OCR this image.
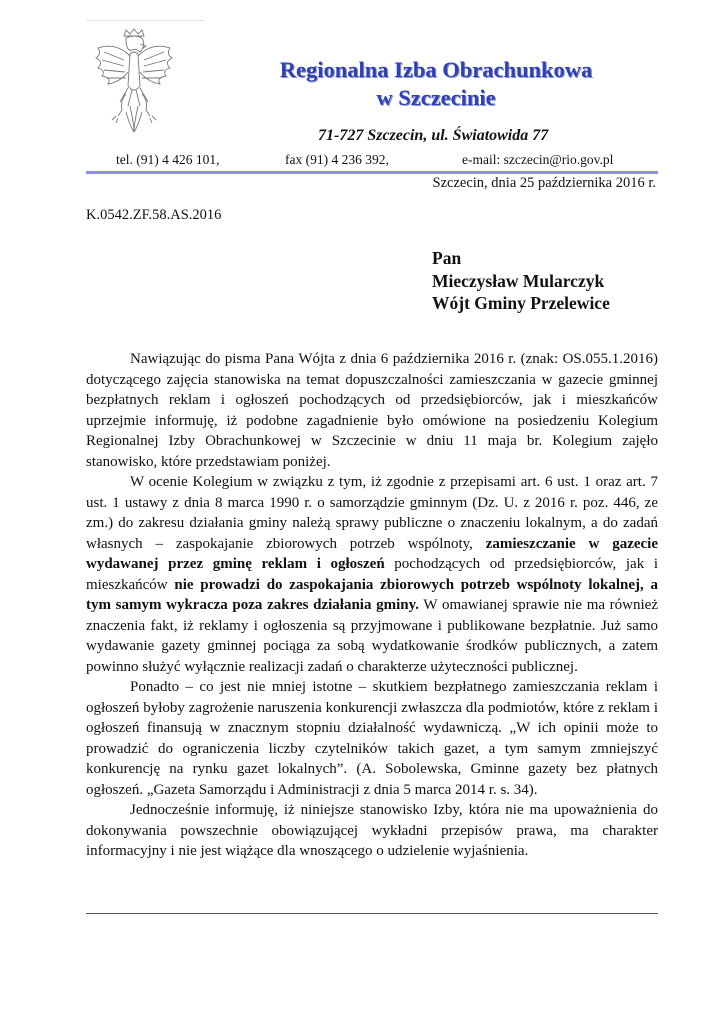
Regionalna Izba Obrachunkowa
w Szczecinie
71-727 Szczecin, ul. Światowida 77
tel. (91) 4 426 101,	fax (91) 4 236 392,	e-mail: szczecin@rio.gov.pl
Szczecin, dnia 25 października 2016 r.
K.0542.ZF.58.AS.2016
Pan
Mieczysław Mularczyk
Wójt Gminy Przelewice

Nawiązując do pisma Pana Wójta z dnia 6 października 2016 r. (znak: OS.055.1.2016) dotyczącego zajęcia stanowiska na temat dopuszczalności zamieszczania w gazecie gminnej bezpłatnych reklam i ogłoszeń pochodzących od przedsiębiorców, jak i mieszkańców uprzejmie informuję, iż podobne zagadnienie było omówione na posiedzeniu Kolegium Regionalnej Izby Obrachunkowej w Szczecinie w dniu 11 maja br. Kolegium zajęło stanowisko, które przedstawiam poniżej.

W ocenie Kolegium w związku z tym, iż zgodnie z przepisami art. 6 ust. 1 oraz art. 7 ust. 1 ustawy z dnia 8 marca 1990 r. o samorządzie gminnym (Dz. U. z 2016 r. poz. 446, ze zm.) do zakresu działania gminy należą sprawy publiczne o znaczeniu lokalnym, a do zadań własnych – zaspokajanie zbiorowych potrzeb wspólnoty, zamieszczanie w gazecie wydawanej przez gminę reklam i ogłoszeń pochodzących od przedsiębiorców, jak i mieszkańców nie prowadzi do zaspokajania zbiorowych potrzeb wspólnoty lokalnej, a tym samym wykracza poza zakres działania gminy. W omawianej sprawie nie ma również znaczenia fakt, iż reklamy i ogłoszenia są przyjmowane i publikowane bezpłatnie. Już samo wydawanie gazety gminnej pociąga za sobą wydatkowanie środków publicznych, a zatem powinno służyć wyłącznie realizacji zadań o charakterze użyteczności publicznej.

Ponadto – co jest nie mniej istotne – skutkiem bezpłatnego zamieszczania reklam i ogłoszeń byłoby zagrożenie naruszenia konkurencji zwłaszcza dla podmiotów, które z reklam i ogłoszeń finansują w znacznym stopniu działalność wydawniczą. „W ich opinii może to prowadzić do ograniczenia liczby czytelników takich gazet, a tym samym zmniejszyć konkurencję na rynku gazet lokalnych”. (A. Sobolewska, Gminne gazety bez płatnych ogłoszeń. „Gazeta Samorządu i Administracji z dnia 5 marca 2014 r. s. 34).

Jednocześnie informuję, iż niniejsze stanowisko Izby, która nie ma upoważnienia do dokonywania powszechnie obowiązującej wykładni przepisów prawa, ma charakter informacyjny i nie jest wiążące dla wnoszącego o udzielenie wyjaśnienia.
